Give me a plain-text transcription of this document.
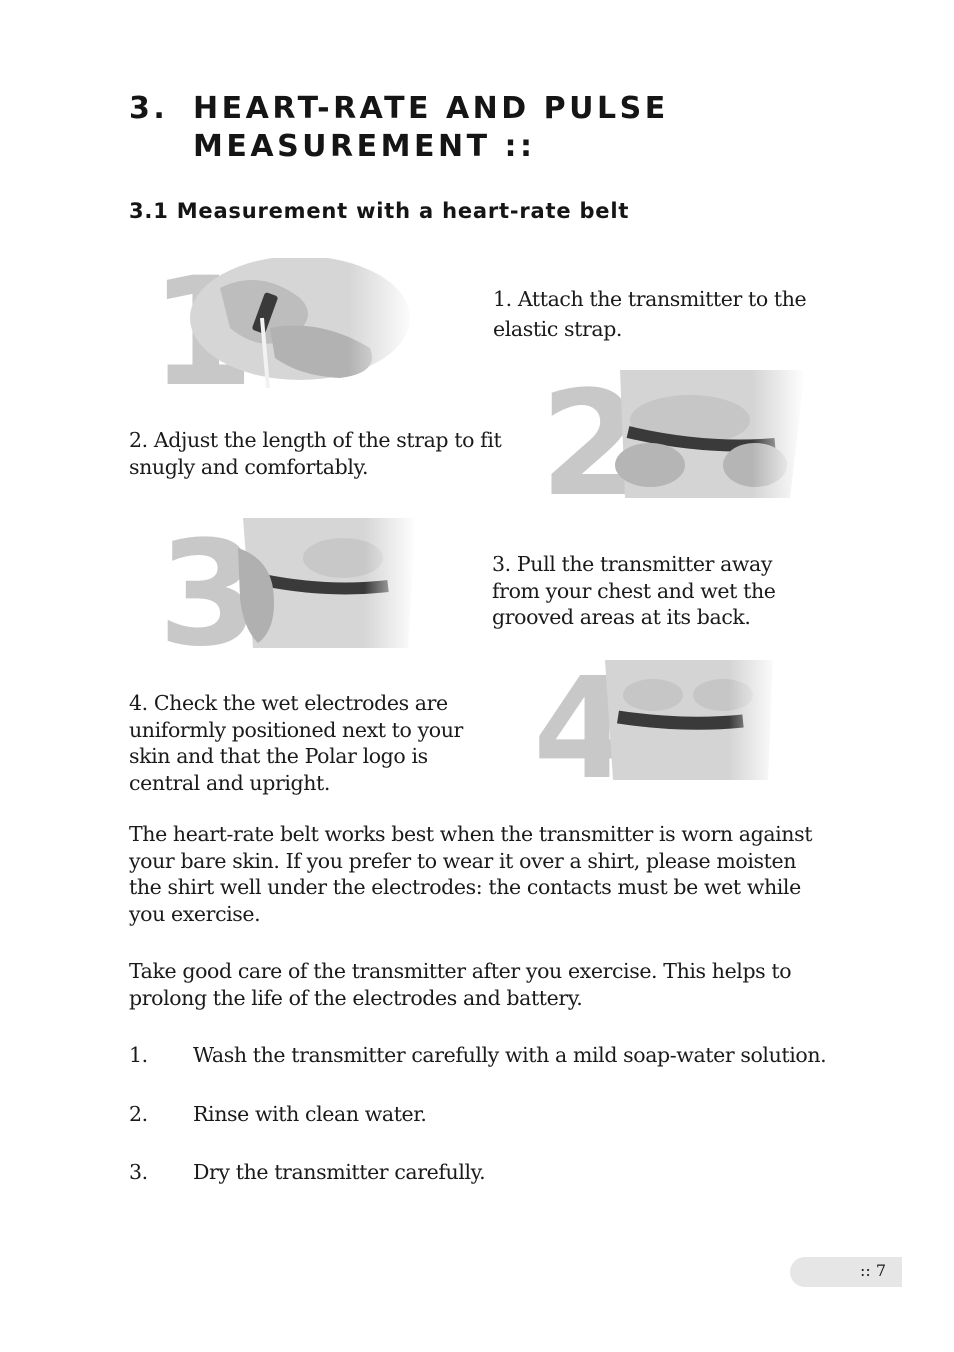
3. HEART-RATE AND PULSE
MEASUREMENT ::
3.1 Measurement with a heart-rate belt
1. Attach the transmitter to the elastic strap.
2. Adjust the length of the strap to fit snugly and comfortably.
3. Pull the transmitter away from your chest and wet the grooved areas at its back.
4. Check the wet electrodes are uniformly positioned next to your skin and that the Polar logo is central and upright.
The heart-rate belt works best when the transmitter is worn against your bare skin. If you prefer to wear it over a shirt, please moisten the shirt well under the electrodes: the contacts must be wet while you exercise.
Take good care of the transmitter after you exercise. This helps to prolong the life of the electrodes and battery.
1. Wash the transmitter carefully with a mild soap-water solution.
2. Rinse with clean water.
3. Dry the transmitter carefully.
:: 7
